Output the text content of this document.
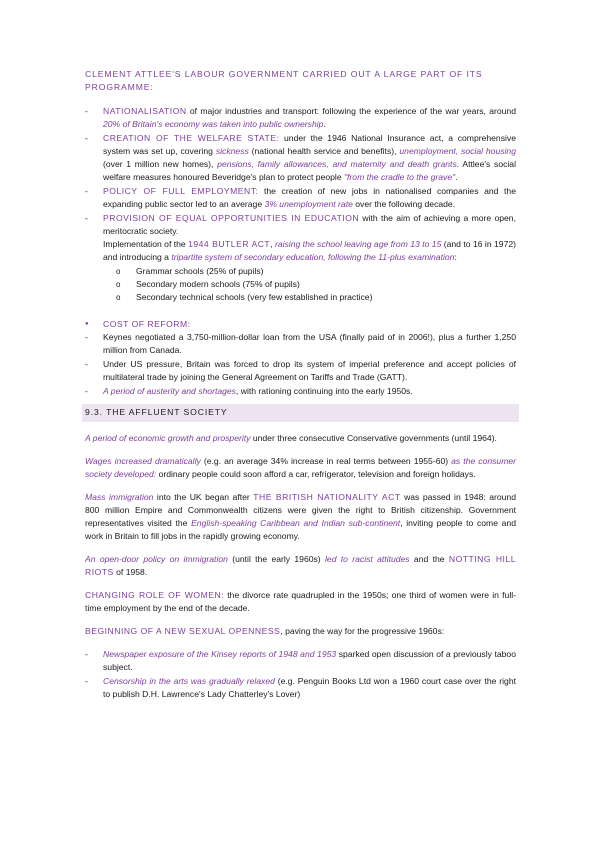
CLEMENT ATTLEE'S LABOUR GOVERNMENT CARRIED OUT A LARGE PART OF ITS PROGRAMME:

- NATIONALISATION of major industries and transport: following the experience of the war years, around 20% of Britain's economy was taken into public ownership.
- CREATION OF THE WELFARE STATE: under the 1946 National Insurance act, a comprehensive system was set up, covering sickness (national health service and benefits), unemployment, social housing (over 1 million new homes), pensions, family allowances, and maternity and death grants. Attlee's social welfare measures honoured Beveridge's plan to protect people "from the cradle to the grave".
- POLICY OF FULL EMPLOYMENT: the creation of new jobs in nationalised companies and the expanding public sector led to an average 3% unemployment rate over the following decade.
- PROVISION OF EQUAL OPPORTUNITIES IN EDUCATION with the aim of achieving a more open, meritocratic society.
Implementation of the 1944 BUTLER ACT, raising the school leaving age from 13 to 15 (and to 16 in 1972) and introducing a tripartite system of secondary education, following the 11-plus examination:
o Grammar schools (25% of pupils)
o Secondary modern schools (75% of pupils)
o Secondary technical schools (very few established in practice)

● COST OF REFORM:

- Keynes negotiated a 3,750-million-dollar loan from the USA (finally paid of in 2006!), plus a further 1,250 million from Canada.
- Under US pressure, Britain was forced to drop its system of imperial preference and accept policies of multilateral trade by joining the General Agreement on Tariffs and Trade (GATT).
- A period of austerity and shortages, with rationing continuing into the early 1950s.
9.3. THE AFFLUENT SOCIETY

A period of economic growth and prosperity under three consecutive Conservative governments (until 1964).

Wages increased dramatically (e.g. an average 34% increase in real terms between 1955-60) as the consumer society developed: ordinary people could soon afford a car, refrigerator, television and foreign holidays.

Mass immigration into the UK began after THE BRITISH NATIONALITY ACT was passed in 1948: around 800 million Empire and Commonwealth citizens were given the right to British citizenship. Government representatives visited the English-speaking Caribbean and Indian sub-continent, inviting people to come and work in Britain to fill jobs in the rapidly growing economy.

An open-door policy on immigration (until the early 1960s) led to racist attitudes and the NOTTING HILL RIOTS of 1958.

CHANGING ROLE OF WOMEN: the divorce rate quadrupled in the 1950s; one third of women were in full-time employment by the end of the decade.

BEGINNING OF A NEW SEXUAL OPENNESS, paving the way for the progressive 1960s:

- Newspaper exposure of the Kinsey reports of 1948 and 1953 sparked open discussion of a previously taboo subject.
- Censorship in the arts was gradually relaxed (e.g. Penguin Books Ltd won a 1960 court case over the right to publish D.H. Lawrence's Lady Chatterley's Lover)
